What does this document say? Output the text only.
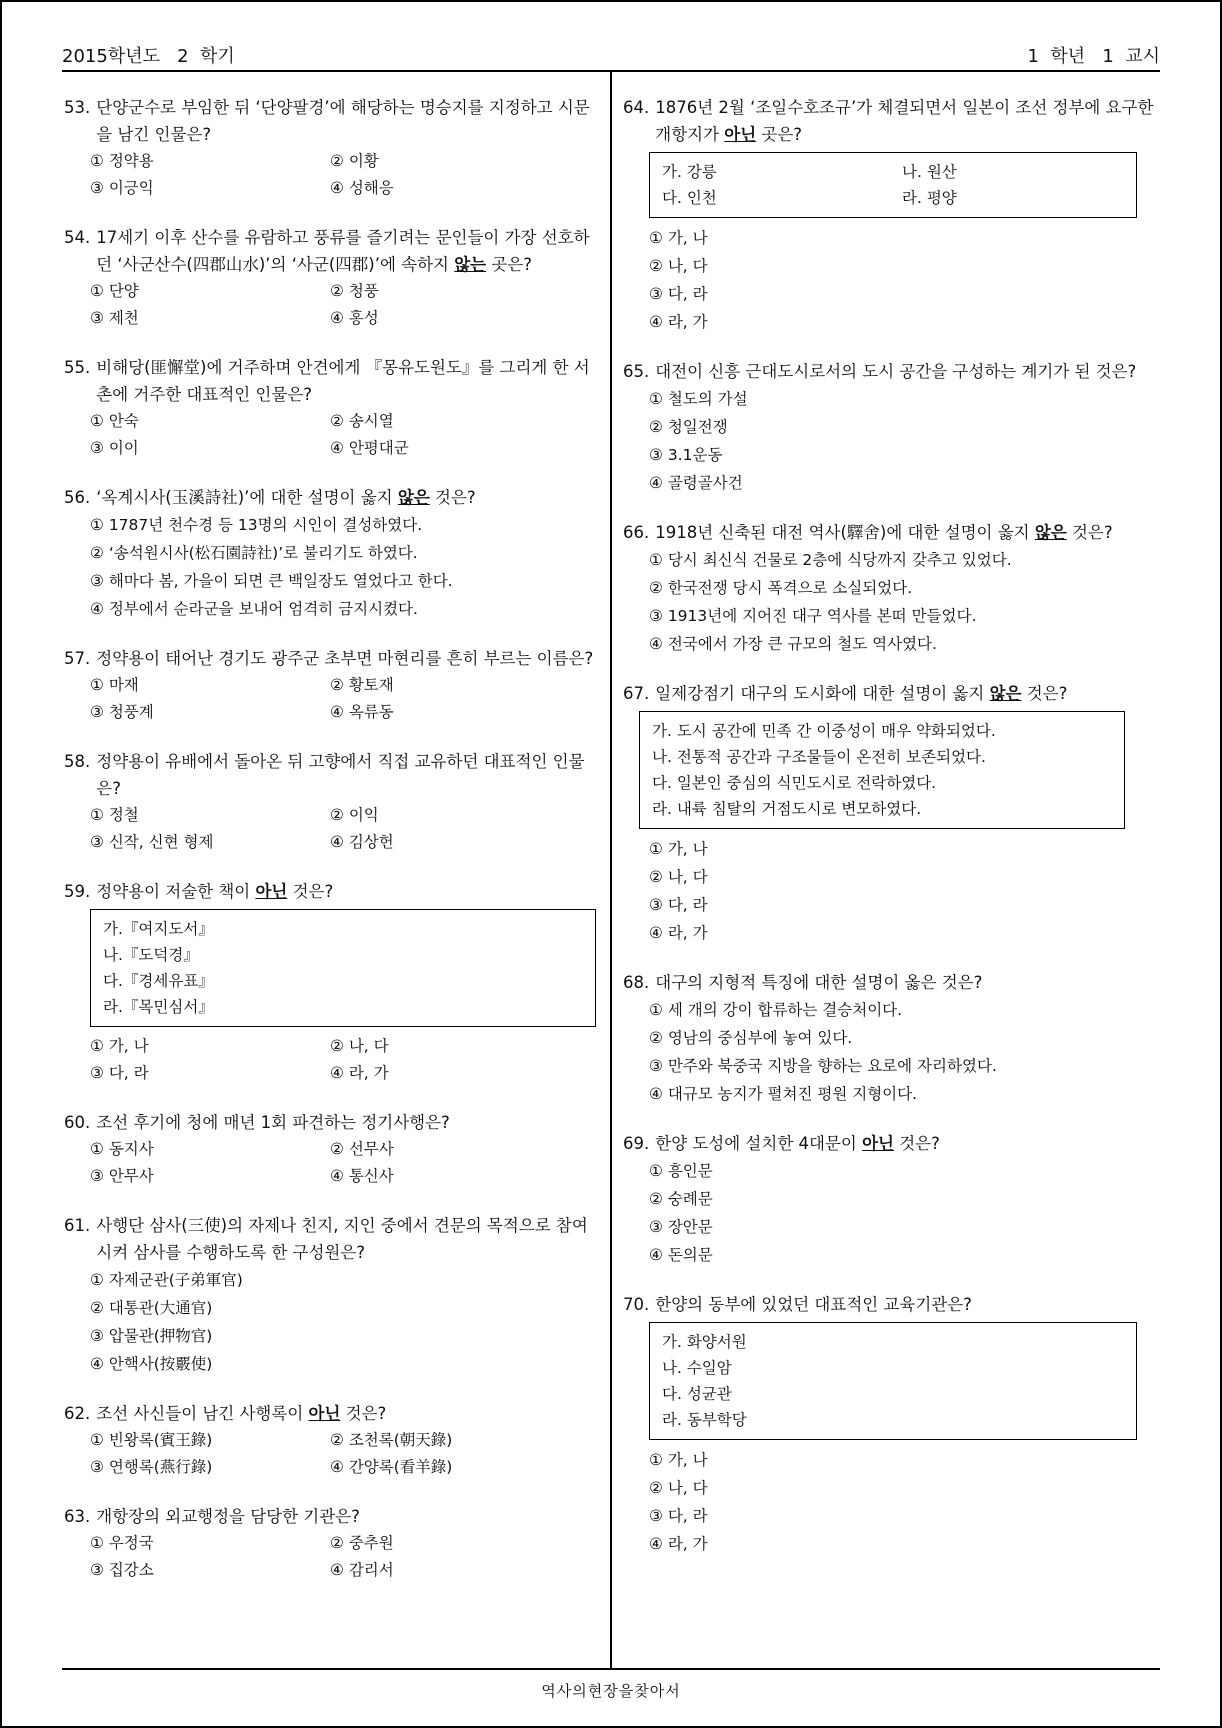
2015학년도   2  학기	1  학년   1  교시
53. 단양군수로 부임한 뒤 ‘단양팔경’에 해당하는 명승지를 지정하고 시문을 남긴 인물은?
① 정약용	② 이황
③ 이긍익	④ 성해응
54. 17세기 이후 산수를 유람하고 풍류를 즐기려는 문인들이 가장 선호하던 ‘사군산수(四郡山水)’의 ‘사군(四郡)’에 속하지 않는 곳은?
① 단양	② 청풍
③ 제천	④ 홍성
55. 비해당(匪懈堂)에 거주하며 안견에게 『몽유도원도』를 그리게 한 서촌에 거주한 대표적인 인물은?
① 안숙	② 송시열
③ 이이	④ 안평대군
56. ‘옥계시사(玉溪詩社)’에 대한 설명이 옳지 않은 것은?
① 1787년 천수경 등 13명의 시인이 결성하였다.
② ‘송석원시사(松石園詩社)’로 불리기도 하였다.
③ 해마다 봄, 가을이 되면 큰 백일장도 열었다고 한다.
④ 정부에서 순라군을 보내어 엄격히 금지시켰다.
57. 정약용이 태어난 경기도 광주군 초부면 마현리를 흔히 부르는 이름은?
① 마재	② 황토재
③ 청풍계	④ 옥류동
58. 정약용이 유배에서 돌아온 뒤 고향에서 직접 교유하던 대표적인 인물은?
① 정철	② 이익
③ 신작, 신현 형제	④ 김상헌
59. 정약용이 저술한 책이 아닌 것은?
가.『여지도서』
나.『도덕경』
다.『경세유표』
라.『목민심서』
① 가, 나	② 나, 다
③ 다, 라	④ 라, 가
60. 조선 후기에 청에 매년 1회 파견하는 정기사행은?
① 동지사	② 선무사
③ 안무사	④ 통신사
61. 사행단 삼사(三使)의 자제나 친지, 지인 중에서 견문의 목적으로 참여시켜 삼사를 수행하도록 한 구성원은?
① 자제군관(子弟軍官)
② 대통관(大通官)
③ 압물관(押物官)
④ 안핵사(按覈使)
62. 조선 사신들이 남긴 사행록이 아닌 것은?
① 빈왕록(賓王錄)	② 조천록(朝天錄)
③ 연행록(燕行錄)	④ 간양록(看羊錄)
63. 개항장의 외교행정을 담당한 기관은?
① 우정국	② 중추원
③ 집강소	④ 감리서
64. 1876년 2월 ‘조일수호조규’가 체결되면서 일본이 조선 정부에 요구한 개항지가 아닌 곳은?
가. 강릉	나. 원산
다. 인천	라. 평양
① 가, 나
② 나, 다
③ 다, 라
④ 라, 가
65. 대전이 신흥 근대도시로서의 도시 공간을 구성하는 계기가 된 것은?
① 철도의 가설
② 청일전쟁
③ 3.1운동
④ 골령골사건
66. 1918년 신축된 대전 역사(驛舍)에 대한 설명이 옳지 않은 것은?
① 당시 최신식 건물로 2층에 식당까지 갖추고 있었다.
② 한국전쟁 당시 폭격으로 소실되었다.
③ 1913년에 지어진 대구 역사를 본떠 만들었다.
④ 전국에서 가장 큰 규모의 철도 역사였다.
67. 일제강점기 대구의 도시화에 대한 설명이 옳지 않은 것은?
가. 도시 공간에 민족 간 이중성이 매우 약화되었다.
나. 전통적 공간과 구조물들이 온전히 보존되었다.
다. 일본인 중심의 식민도시로 전락하였다.
라. 내륙 침탈의 거점도시로 변모하였다.
① 가, 나
② 나, 다
③ 다, 라
④ 라, 가
68. 대구의 지형적 특징에 대한 설명이 옳은 것은?
① 세 개의 강이 합류하는 결승처이다.
② 영남의 중심부에 놓여 있다.
③ 만주와 북중국 지방을 향하는 요로에 자리하였다.
④ 대규모 농지가 펼쳐진 평원 지형이다.
69. 한양 도성에 설치한 4대문이 아닌 것은?
① 흥인문
② 숭례문
③ 장안문
④ 돈의문
70. 한양의 동부에 있었던 대표적인 교육기관은?
가. 화양서원
나. 수일암
다. 성균관
라. 동부학당
① 가, 나
② 나, 다
③ 다, 라
④ 라, 가
역사의현장을찾아서
